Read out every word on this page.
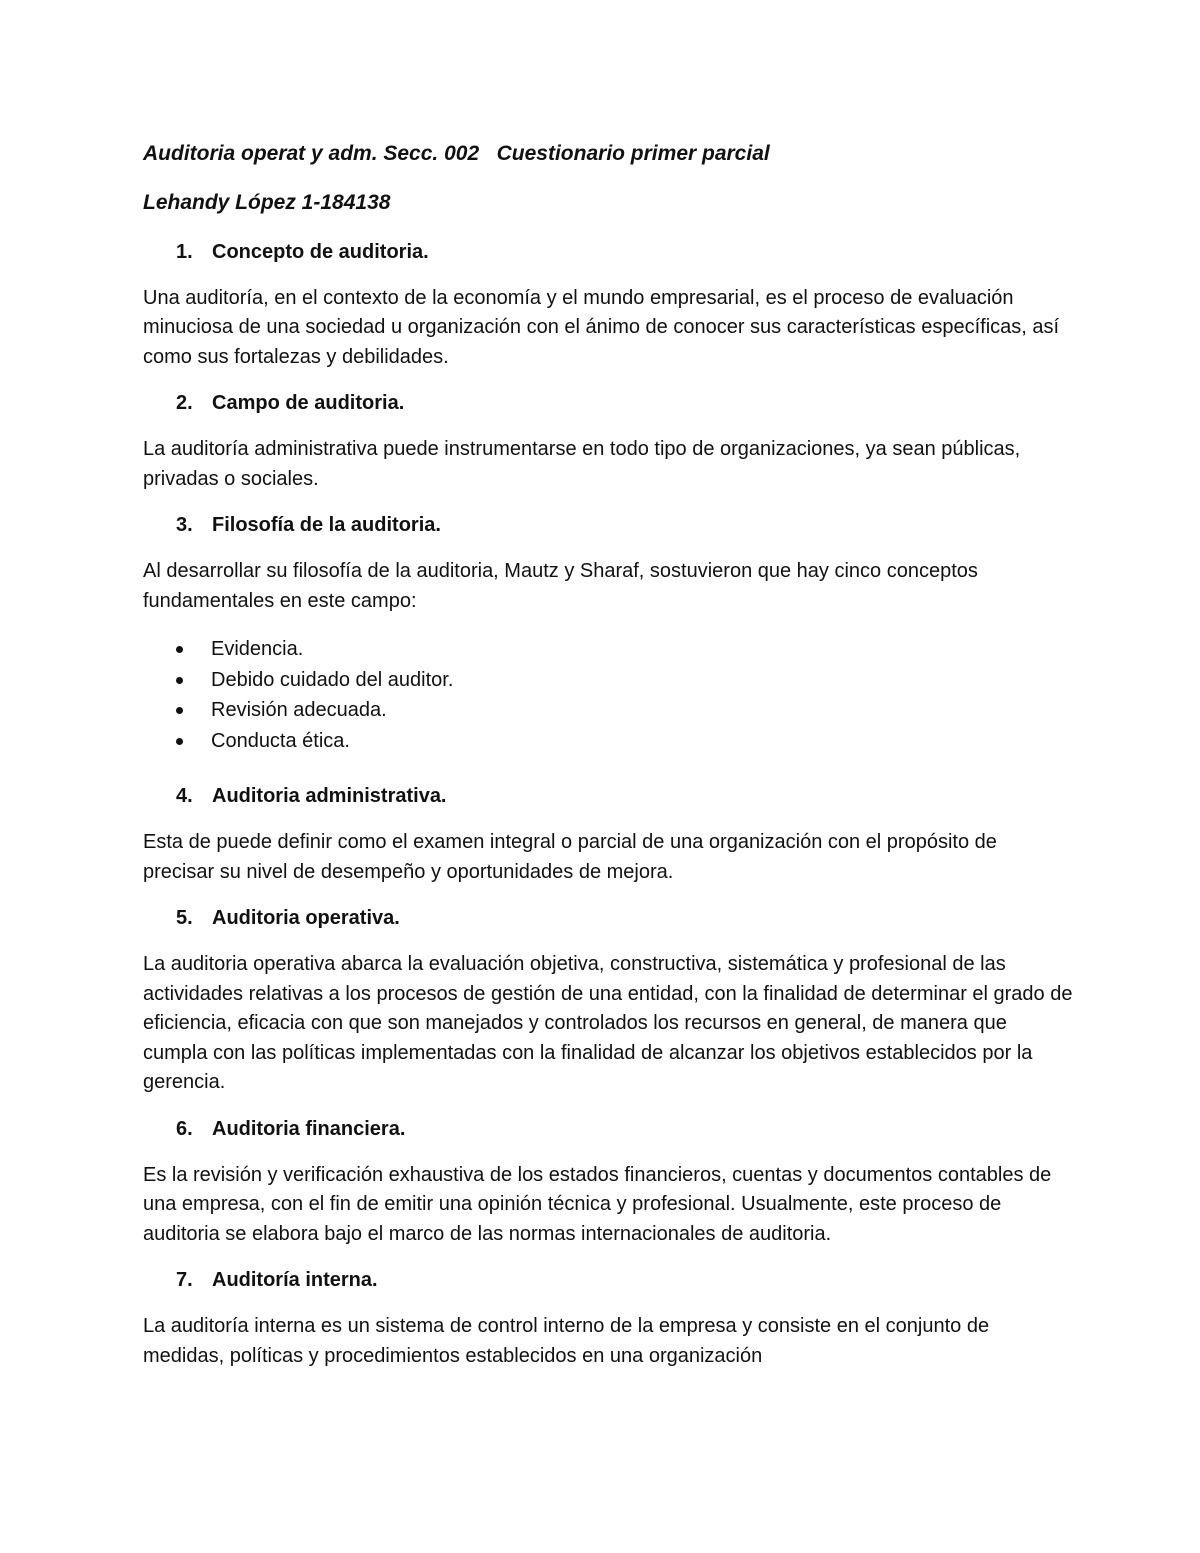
Auditoria operat y adm. Secc. 002   Cuestionario primer parcial
Lehandy López 1-184138
1. Concepto de auditoria.

Una auditoría, en el contexto de la economía y el mundo empresarial, es el proceso de evaluación minuciosa de una sociedad u organización con el ánimo de conocer sus características específicas, así como sus fortalezas y debilidades.

2. Campo de auditoria.

La auditoría administrativa puede instrumentarse en todo tipo de organizaciones, ya sean públicas, privadas o sociales.

3. Filosofía de la auditoria.

Al desarrollar su filosofía de la auditoria, Mautz y Sharaf, sostuvieron que hay cinco conceptos fundamentales en este campo:

Evidencia.
Debido cuidado del auditor.
Revisión adecuada.
Conducta ética.
4. Auditoria administrativa.

Esta de puede definir como el examen integral o parcial de una organización con el propósito de precisar su nivel de desempeño y oportunidades de mejora.

5. Auditoria operativa.

La auditoria operativa abarca la evaluación objetiva, constructiva, sistemática y profesional de las actividades relativas a los procesos de gestión de una entidad, con la finalidad de determinar el grado de eficiencia, eficacia con que son manejados y controlados los recursos en general, de manera que cumpla con las políticas implementadas con la finalidad de alcanzar los objetivos establecidos por la gerencia.

6. Auditoria financiera.

Es la revisión y verificación exhaustiva de los estados financieros, cuentas y documentos contables de una empresa, con el fin de emitir una opinión técnica y profesional. Usualmente, este proceso de auditoria se elabora bajo el marco de las normas internacionales de auditoria.

7. Auditoría interna.

La auditoría interna es un sistema de control interno de la empresa y consiste en el conjunto de medidas, políticas y procedimientos establecidos en una organización
